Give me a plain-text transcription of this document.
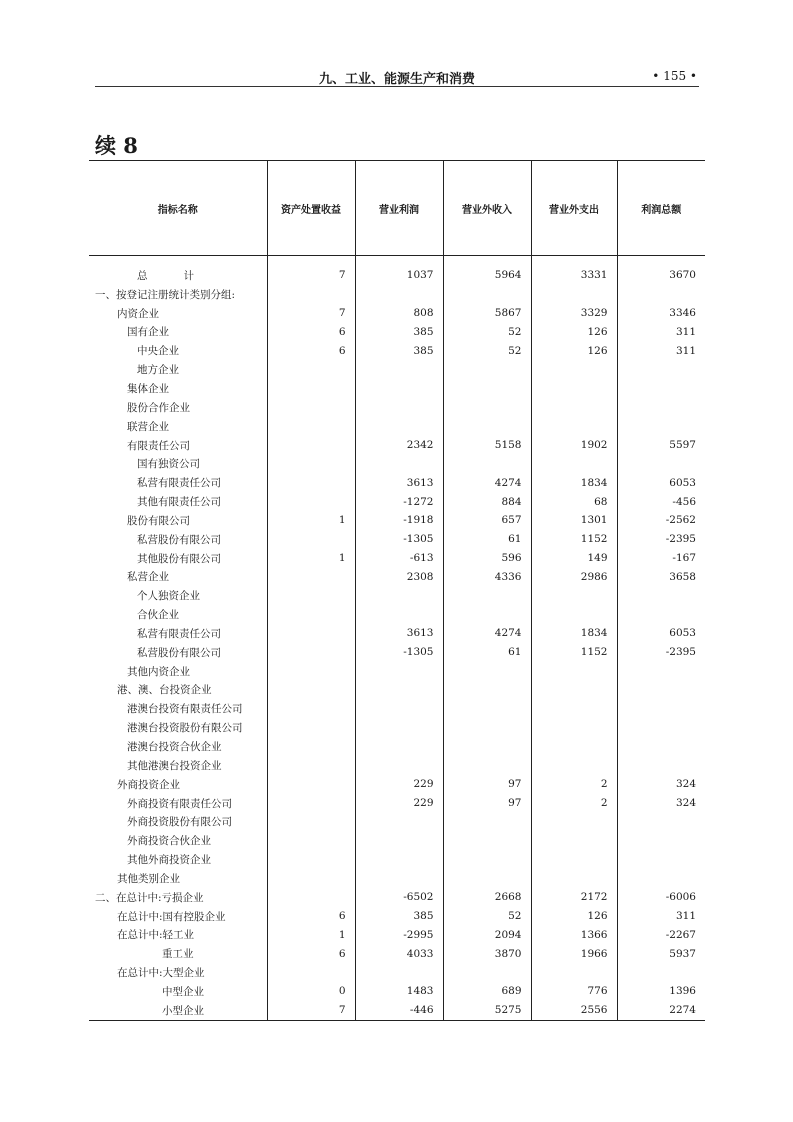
九、工业、能源生产和消费	• 155 •
续 8
指标名称	资产处置收益	营业利润	营业外收入	营业外支出	利润总额
总 计	7	1037	5964	3331	3670
一、按登记注册统计类别分组:					
内资企业	7	808	5867	3329	3346
国有企业	6	385	52	126	311
中央企业	6	385	52	126	311
地方企业					
集体企业					
股份合作企业					
联营企业					
有限责任公司		2342	5158	1902	5597
国有独资公司					
私营有限责任公司		3613	4274	1834	6053
其他有限责任公司		-1272	884	68	-456
股份有限公司	1	-1918	657	1301	-2562
私营股份有限公司		-1305	61	1152	-2395
其他股份有限公司	1	-613	596	149	-167
私营企业		2308	4336	2986	3658
个人独资企业					
合伙企业					
私营有限责任公司		3613	4274	1834	6053
私营股份有限公司		-1305	61	1152	-2395
其他内资企业					
港、澳、台投资企业					
港澳台投资有限责任公司					
港澳台投资股份有限公司					
港澳台投资合伙企业					
其他港澳台投资企业					
外商投资企业		229	97	2	324
外商投资有限责任公司		229	97	2	324
外商投资股份有限公司					
外商投资合伙企业					
其他外商投资企业					
其他类别企业					
二、在总计中:亏损企业		-6502	2668	2172	-6006
在总计中:国有控股企业	6	385	52	126	311
在总计中:轻工业	1	-2995	2094	1366	-2267
重工业	6	4033	3870	1966	5937
在总计中:大型企业					
中型企业	0	1483	689	776	1396
小型企业	7	-446	5275	2556	2274
